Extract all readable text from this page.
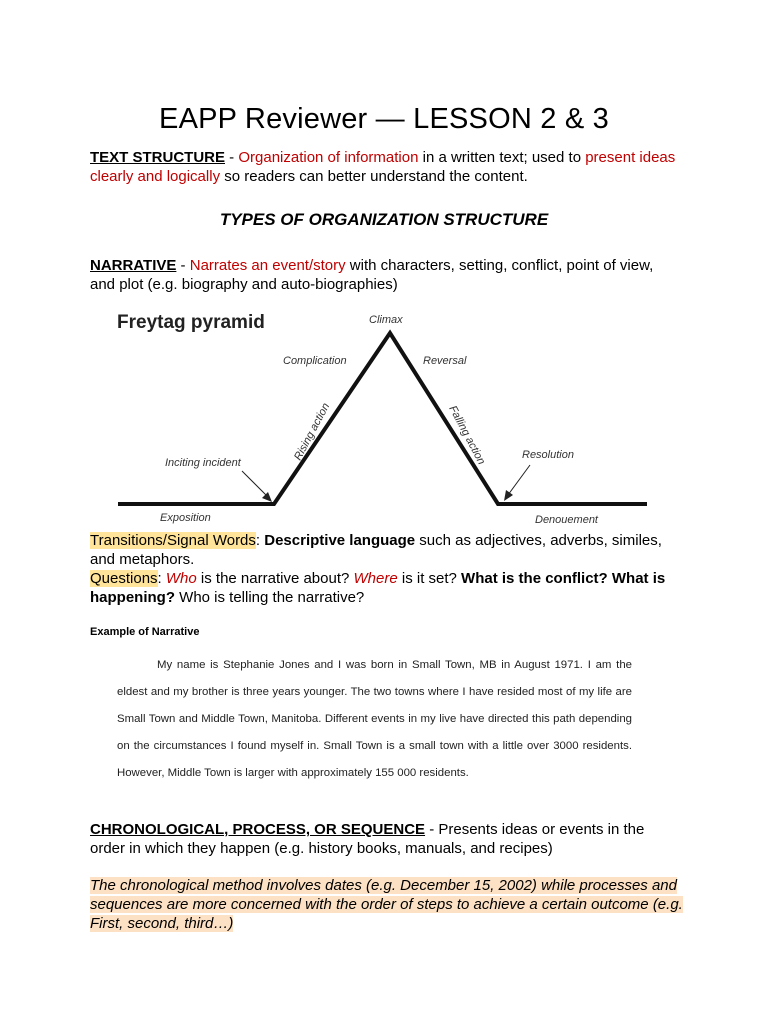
EAPP Reviewer — LESSON 2 & 3

TEXT STRUCTURE - Organization of information in a written text; used to present ideas clearly and logically so readers can better understand the content.

TYPES OF ORGANIZATION STRUCTURE

NARRATIVE - Narrates an event/story with characters, setting, conflict, point of view, and plot (e.g. biography and auto-biographies)

Freytag pyramid	Climax
Complication	Reversal
Rising action	Falling action
Inciting incident
Resolution
Exposition	Denouement

Transitions/Signal Words: Descriptive language such as adjectives, adverbs, similes, and metaphors.

Questions: Who is the narrative about? Where is it set? What is the conflict? What is happening? Who is telling the narrative?

Example of Narrative

My name is Stephanie Jones and I was born in Small Town, MB in August 1971. I am the eldest and my brother is three years younger. The two towns where I have resided most of my life are Small Town and Middle Town, Manitoba. Different events in my live have directed this path depending on the circumstances I found myself in. Small Town is a small town with a little over 3000 residents. However, Middle Town is larger with approximately 155 000 residents.

CHRONOLOGICAL, PROCESS, OR SEQUENCE - Presents ideas or events in the order in which they happen (e.g. history books, manuals, and recipes)

The chronological method involves dates (e.g. December 15, 2002) while processes and sequences are more concerned with the order of steps to achieve a certain outcome (e.g. First, second, third…)
